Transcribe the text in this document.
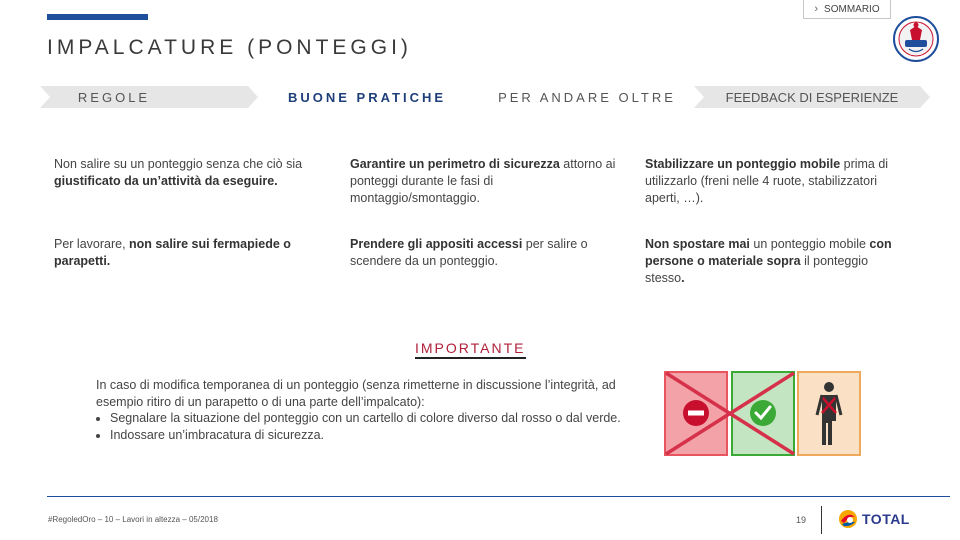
› SOMMARIO
IMPALCATURE (PONTEGGI)
REGOLE	BUONE PRATICHE	PER ANDARE OLTRE	FEEDBACK DI ESPERIENZE
Non salire su un ponteggio senza che ciò sia giustificato da un’attività da eseguire.
Per lavorare, non salire sui fermapiede o parapetti.
Garantire un perimetro di sicurezza attorno ai ponteggi durante le fasi di montaggio/smontaggio.
Prendere gli appositi accessi per salire o scendere da un ponteggio.
Stabilizzare un ponteggio mobile prima di utilizzarlo (freni nelle 4 ruote, stabilizzatori aperti, …).
Non spostare mai un ponteggio mobile con persone o materiale sopra il ponteggio stesso.
IMPORTANTE
In caso di modifica temporanea di un ponteggio (senza rimetterne in discussione l’integrità, ad esempio ritiro di un parapetto o di una parte dell’impalcato):
• Segnalare la situazione del ponteggio con un cartello di colore diverso dal rosso o dal verde.
• Indossare un’imbracatura di sicurezza.
#RegoledOro – 10 – Lavori in altezza – 05/2018	19	TOTAL
